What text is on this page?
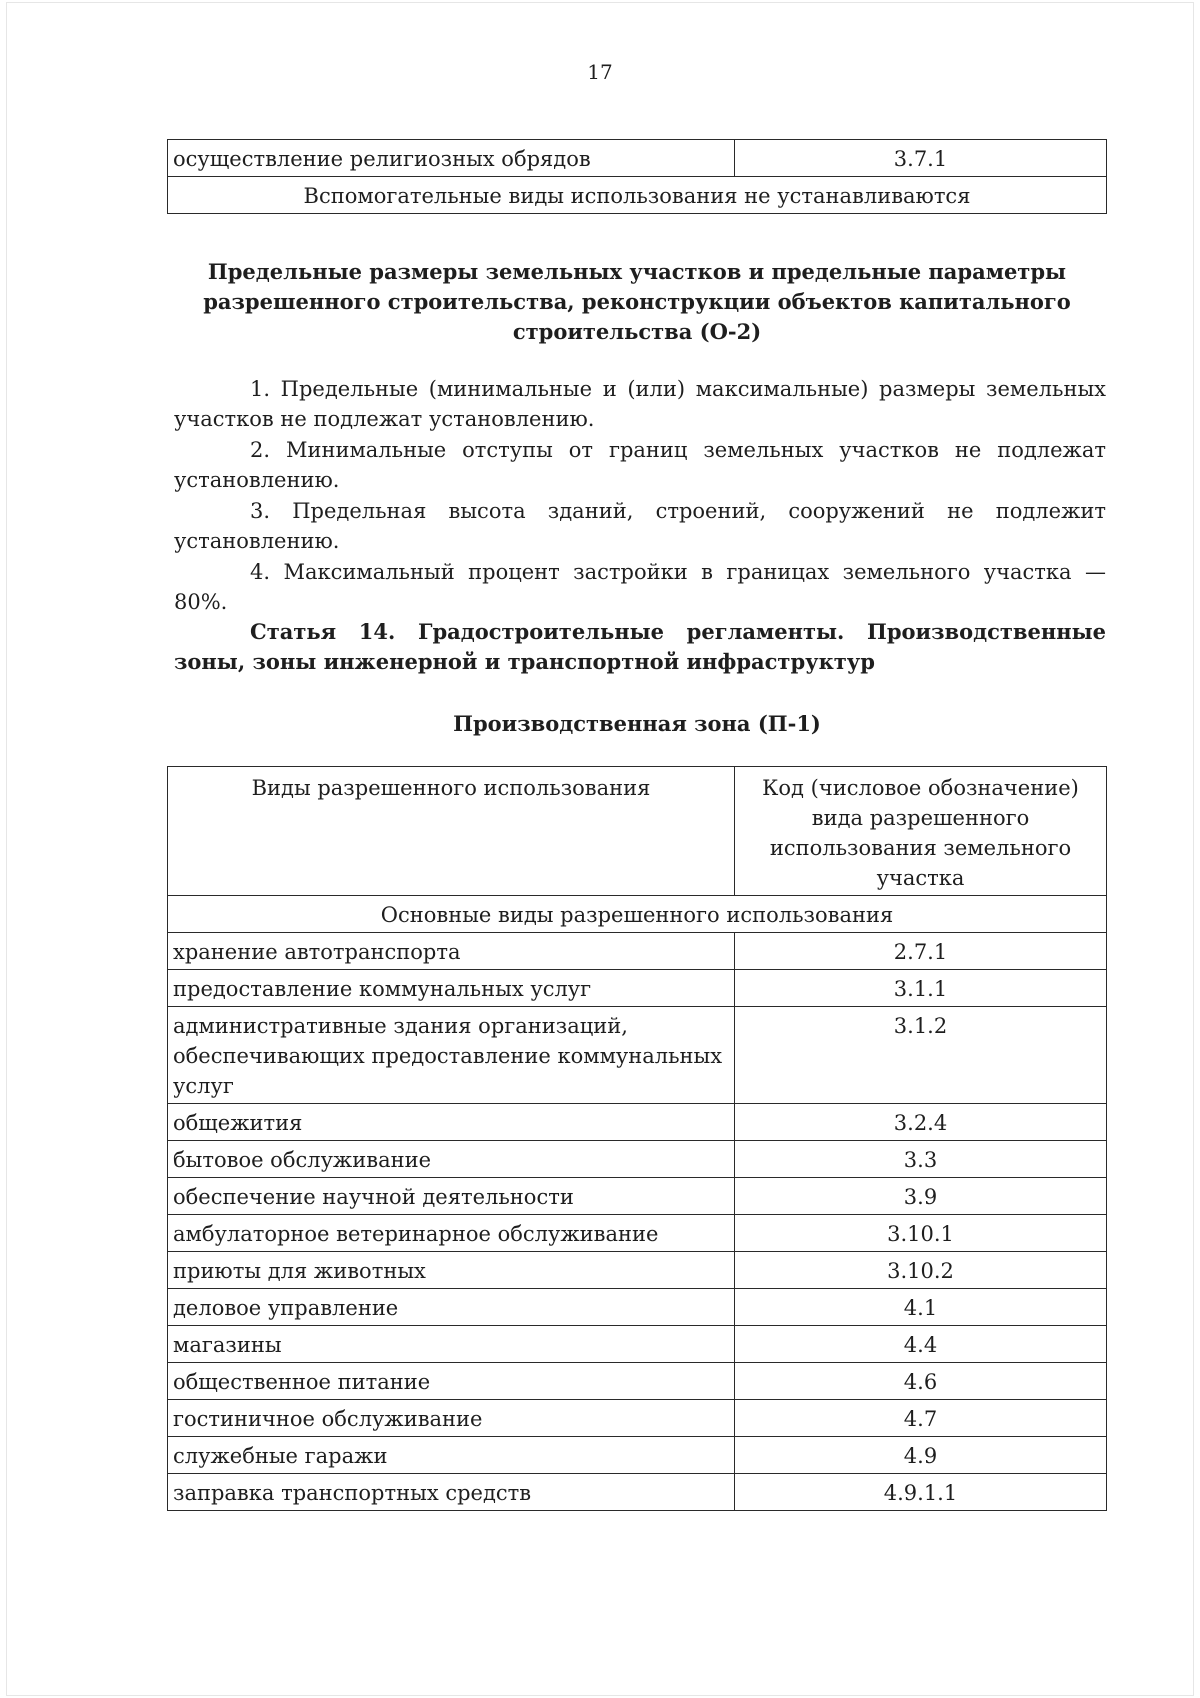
17
осуществление религиозных обрядов	3.7.1
Вспомогательные виды использования не устанавливаются
Предельные размеры земельных участков и предельные параметры разрешенного строительства, реконструкции объектов капитального строительства (О-2)

1. Предельные (минимальные и (или) максимальные) размеры земельных участков не подлежат установлению.

2. Минимальные отступы от границ земельных участков не подлежат установлению.

3. Предельная высота зданий, строений, сооружений не подлежит установлению.

4. Максимальный процент застройки в границах земельного участка — 80%.

Статья 14. Градостроительные регламенты. Производственные зоны, зоны инженерной и транспортной инфраструктур
Производственная зона (П-1)
Виды разрешенного использования	Код (числовое обозначение) вида разрешенного использования земельного участка
Основные виды разрешенного использования	
хранение автотранспорта	2.7.1
предоставление коммунальных услуг	3.1.1
административные здания организаций, обеспечивающих предоставление коммунальных услуг	3.1.2
общежития	3.2.4
бытовое обслуживание	3.3
обеспечение научной деятельности	3.9
амбулаторное ветеринарное обслуживание	3.10.1
приюты для животных	3.10.2
деловое управление	4.1
магазины	4.4
общественное питание	4.6
гостиничное обслуживание	4.7
служебные гаражи	4.9
заправка транспортных средств	4.9.1.1
